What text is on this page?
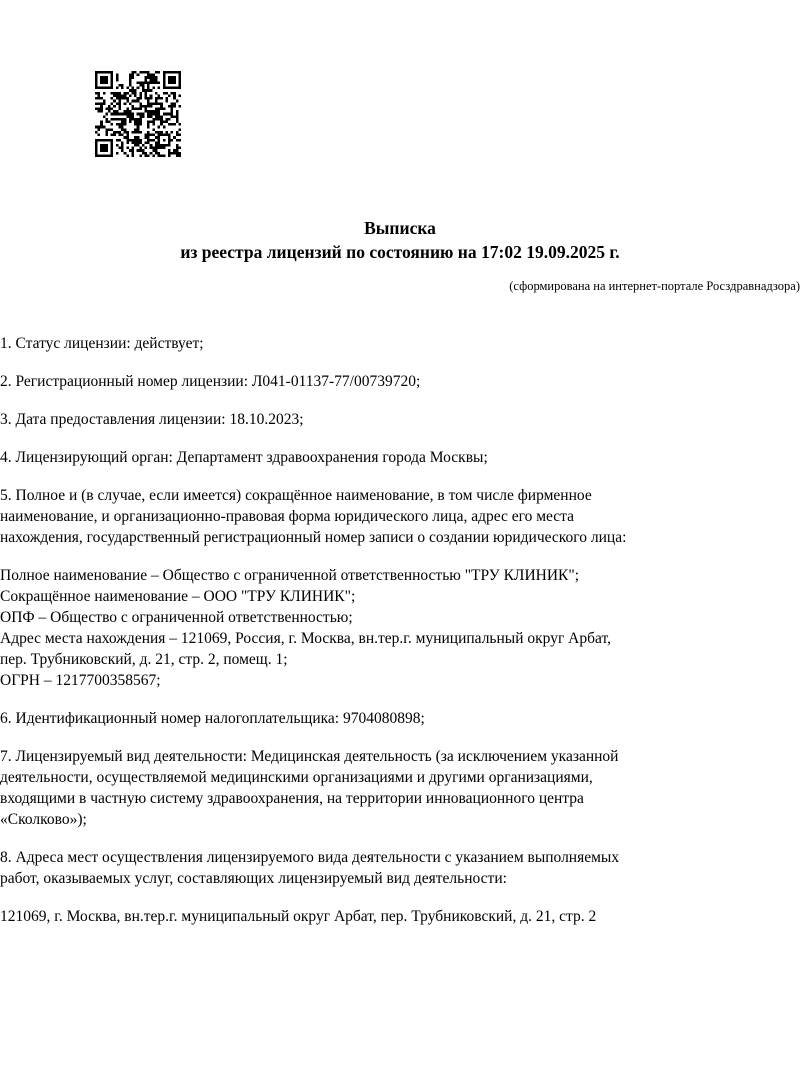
Выписка
из реестра лицензий по состоянию на 17:02 19.09.2025 г.
(сформирована на интернет-портале Росздравнадзора)
1. Статус лицензии: действует;
2. Регистрационный номер лицензии: Л041-01137-77/00739720;
3. Дата предоставления лицензии: 18.10.2023;
4. Лицензирующий орган: Департамент здравоохранения города Москвы;
5. Полное и (в случае, если имеется) сокращённое наименование, в том числе фирменное
наименование, и организационно-правовая форма юридического лица, адрес его места
нахождения, государственный регистрационный номер записи о создании юридического лица:
Полное наименование – Общество с ограниченной ответственностью "ТРУ КЛИНИК";
Сокращённое наименование – ООО "ТРУ КЛИНИК";
ОПФ – Общество с ограниченной ответственностью;
Адрес места нахождения – 121069, Россия, г. Москва, вн.тер.г. муниципальный округ Арбат,
пер. Трубниковский, д. 21, стр. 2, помещ. 1;
ОГРН – 1217700358567;
6. Идентификационный номер налогоплательщика: 9704080898;
7. Лицензируемый вид деятельности: Медицинская деятельность (за исключением указанной
деятельности, осуществляемой медицинскими организациями и другими организациями,
входящими в частную систему здравоохранения, на территории инновационного центра
«Сколково»);
8. Адреса мест осуществления лицензируемого вида деятельности с указанием выполняемых
работ, оказываемых услуг, составляющих лицензируемый вид деятельности:
121069, г. Москва, вн.тер.г. муниципальный округ Арбат, пер. Трубниковский, д. 21, стр. 2
